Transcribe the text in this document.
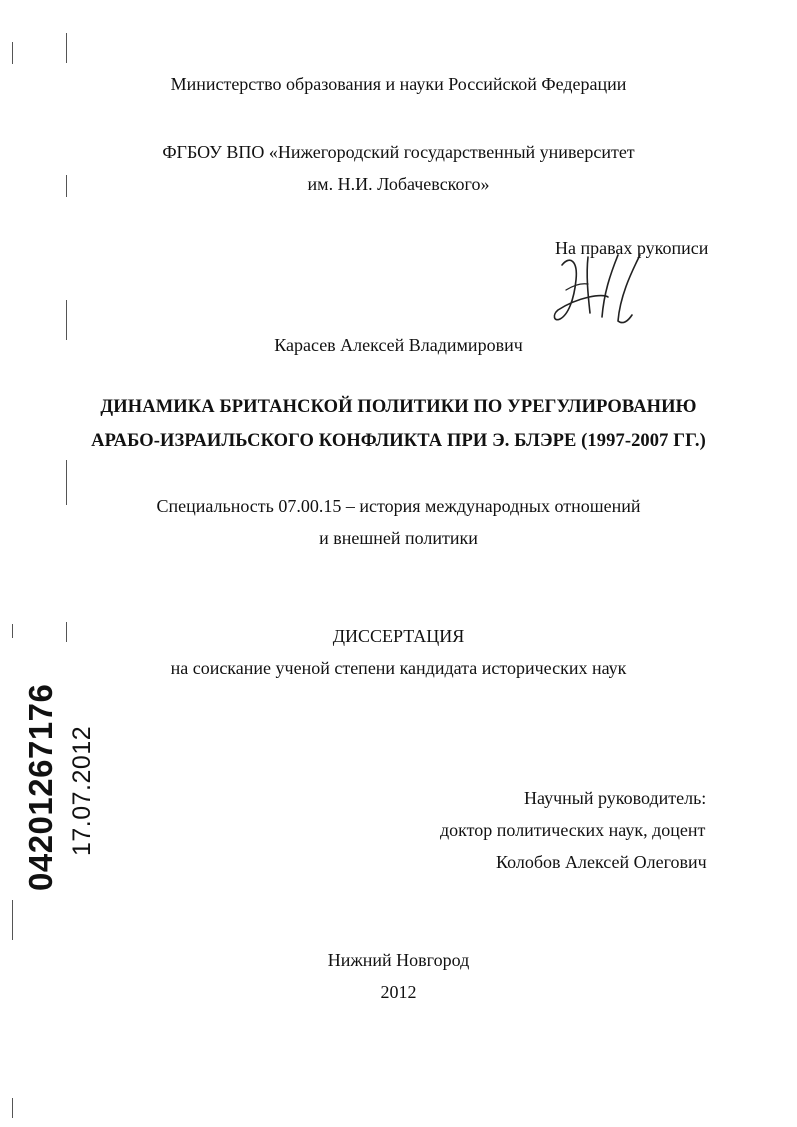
Министерство образования и науки Российской Федерации
ФГБОУ ВПО «Нижегородский государственный университет
им. Н.И. Лобачевского»
На правах рукописи
Карасев Алексей Владимирович
ДИНАМИКА БРИТАНСКОЙ ПОЛИТИКИ ПО УРЕГУЛИРОВАНИЮ
АРАБО-ИЗРАИЛЬСКОГО КОНФЛИКТА ПРИ Э. БЛЭРЕ (1997-2007 ГГ.)
Специальность 07.00.15 – история международных отношений
и внешней политики
ДИССЕРТАЦИЯ
на соискание ученой степени кандидата исторических наук
Научный руководитель:
доктор политических наук, доцент
Колобов Алексей Олегович
Нижний Новгород
2012
04201267176 17.07.2012
